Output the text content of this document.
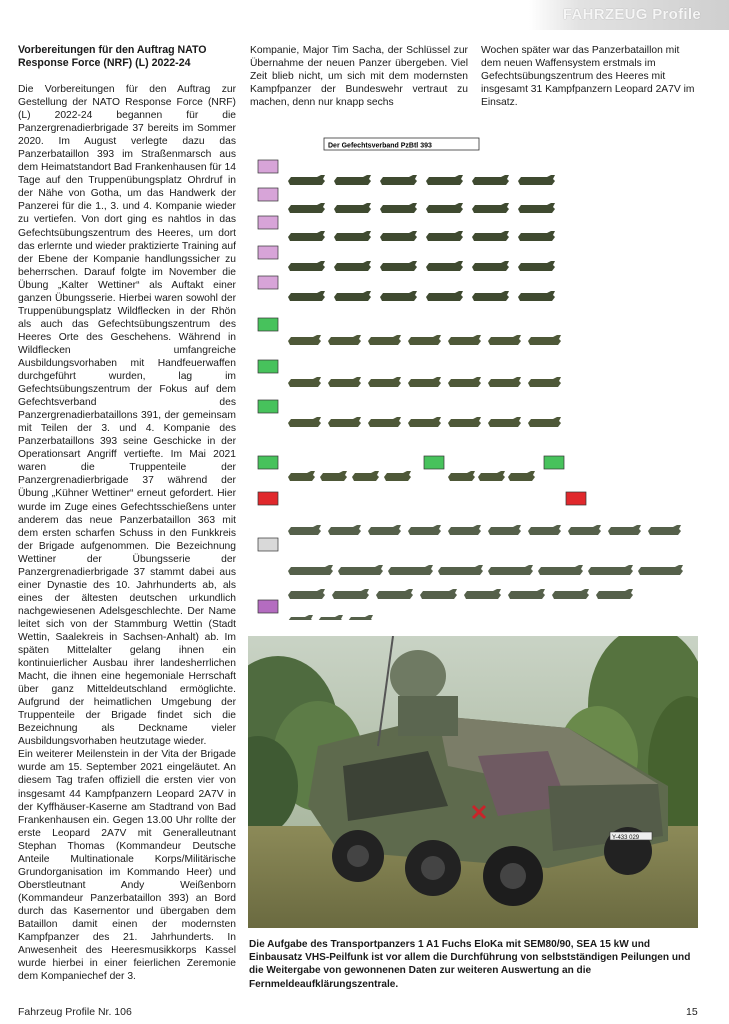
FAHRZEUG Profile
Vorbereitungen für den Auftrag NATO Response Force (NRF) (L) 2022-24

Die Vorbereitungen für den Auftrag zur Gestellung der NATO Response Force (NRF) (L) 2022-24 begannen für die Panzergrenadierbrigade 37 bereits im Sommer 2020. Im August verlegte dazu das Panzerbataillon 393 im Straßenmarsch aus dem Heimatstandort Bad Frankenhausen für 14 Tage auf den Truppenübungsplatz Ohrdruf in der Nähe von Gotha, um das Handwerk der Panzerei für die 1., 3. und 4. Kompanie wieder zu vertiefen. Von dort ging es nahtlos in das Gefechtsübungszentrum des Heeres, um dort das erlernte und wieder praktizierte Training auf der Ebene der Kompanie handlungssicher zu beherrschen. Darauf folgte im November die Übung „Kalter Wettiner“ als Auftakt einer ganzen Übungsserie. Hierbei waren sowohl der Truppenübungsplatz Wildflecken in der Rhön als auch das Gefechtsübungszentrum des Heeres Orte des Geschehens. Während in Wildflecken umfangreiche Ausbildungsvorhaben mit Handfeuerwaffen durchgeführt wurden, lag im Gefechtsübungszentrum der Fokus auf dem Gefechtsverband des Panzergrenadierbataillons 391, der gemeinsam mit Teilen der 3. und 4. Kompanie des Panzerbataillons 393 seine Geschicke in der Operationsart Angriff vertiefte. Im Mai 2021 waren die Truppenteile der Panzergrenadierbrigade 37 während der Übung „Kühner Wettiner“ erneut gefordert. Hier wurde im Zuge eines Gefechtsschießens unter anderem das neue Panzerbataillon 363 mit dem ersten scharfen Schuss in den Funkkreis der Brigade aufgenommen. Die Bezeichnung Wettiner der Übungsserie der Panzergrenadierbrigade 37 stammt dabei aus einer Dynastie des 10. Jahrhunderts ab, als eines der ältesten deutschen urkundlich nachgewiesenen Adelsgeschlechte. Der Name leitet sich von der Stammburg Wettin (Stadt Wettin, Saalekreis in Sachsen-Anhalt) ab. Im späten Mittelalter gelang ihnen ein kontinuierlicher Ausbau ihrer landesherrlichen Macht, die ihnen eine hegemoniale Herrschaft über ganz Mitteldeutschland ermöglichte. Aufgrund der heimatlichen Umgebung der Truppenteile der Brigade findet sich die Bezeichnung als Deckname vieler Ausbildungsvorhaben heutzutage wieder.

Ein weiterer Meilenstein in der Vita der Brigade wurde am 15. September 2021 eingeläutet. An diesem Tag trafen offiziell die ersten vier von insgesamt 44 Kampfpanzern Leopard 2A7V in der Kyffhäuser-Kaserne am Stadtrand von Bad Frankenhausen ein. Gegen 13.00 Uhr rollte der erste Leopard 2A7V mit Generalleutnant Stephan Thomas (Kommandeur Deutsche Anteile Multinationale Korps/Militärische Grundorganisation im Kommando Heer) und Oberstleutnant Andy Weißenborn (Kommandeur Panzerbataillon 393) an Bord durch das Kasernentor und übergaben dem Bataillon damit einen der modernsten Kampfpanzer des 21. Jahrhunderts. In Anwesenheit des Heeresmusikkorps Kassel wurde hierbei in einer feierlichen Zeremonie dem Kompaniechef der 3.

Kompanie, Major Tim Sacha, der Schlüssel zur Übernahme der neuen Panzer übergeben. Viel Zeit blieb nicht, um sich mit dem modernsten Kampfpanzer der Bundeswehr vertraut zu machen, denn nur knapp sechs

Wochen später war das Panzerbataillon mit dem neuen Waffensystem erstmals im Gefechtsübungszentrum des Heeres mit insgesamt 31 Kampfpanzern Leopard 2A7V im Einsatz.

Der Gefechtsverband PzBtl 393
Y-433 029
Die Aufgabe des Transportpanzers 1 A1 Fuchs EloKa mit SEM80/90, SEA 15 kW und Einbausatz VHS-Peilfunk ist vor allem die Durchführung von selbstständigen Peilungen und die Weitergabe von gewonnenen Daten zur weiteren Auswertung an die Fernmeldeaufklärungszentrale.
Fahrzeug Profile Nr. 106	15
